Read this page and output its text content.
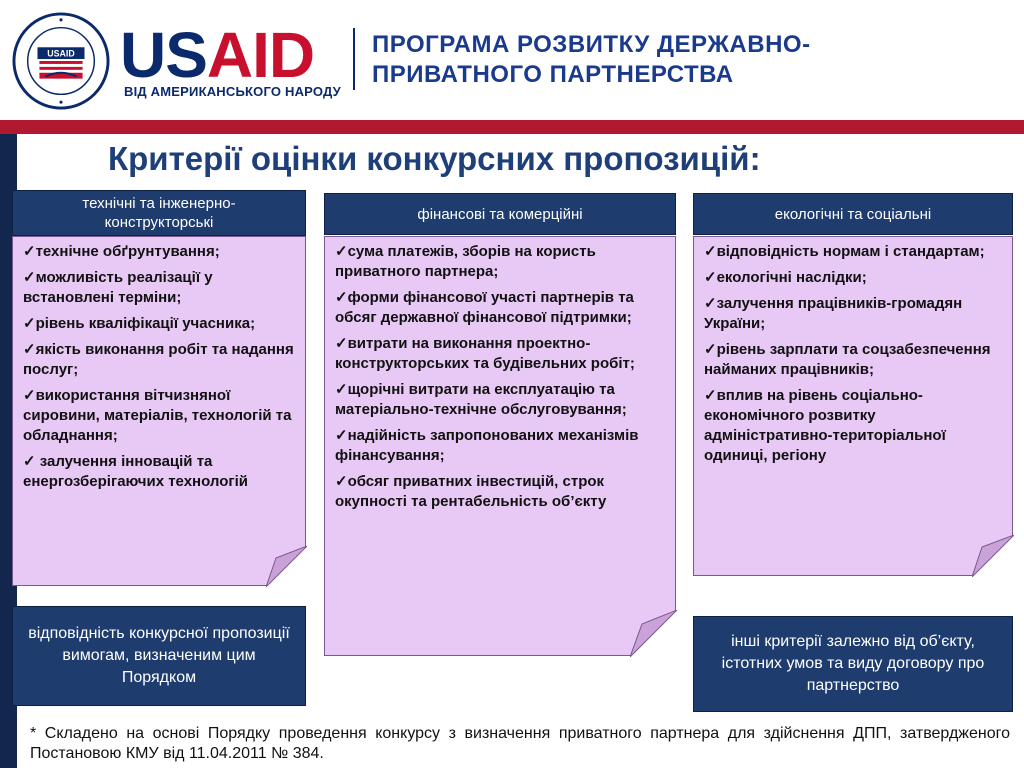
USAID USAID
ВІД АМЕРИКАНСЬКОГО НАРОДУ
ПРОГРАМА РОЗВИТКУ ДЕРЖАВНО-
ПРИВАТНОГО ПАРТНЕРСТВА
Критерії оцінки конкурсних пропозицій:
технічні та інженерно-конструкторські
✓технічне обґрунтування;
✓можливість реалізації у встановлені терміни;
✓рівень кваліфікації учасника;
✓якість виконання робіт та надання послуг;
✓використання вітчизняної сировини, матеріалів, технологій та обладнання;
✓ залучення інновацій та енергозберігаючих технологій
фінансові та комерційні
✓сума платежів, зборів на користь приватного партнера;
✓форми фінансової участі партнерів та обсяг державної фінансової підтримки;
✓витрати на виконання проектно-конструкторських та будівельних робіт;
✓щорічні витрати на експлуатацію та матеріально-технічне обслуговування;
✓надійність запропонованих механізмів фінансування;
✓обсяг приватних інвестицій, строк окупності та рентабельність об’єкту
екологічні та соціальні
✓відповідність нормам і стандартам;
✓екологічні наслідки;
✓залучення працівників-громадян України;
✓рівень зарплати та соцзабезпечення найманих працівників;
✓вплив на рівень соціально-економічного розвитку адміністративно-територіальної одиниці, регіону
відповідність конкурсної пропозиції вимогам, визначеним цим Порядком
інші критерії залежно від об’єкту, істотних умов та виду договору про партнерство
* Складено на основі Порядку проведення конкурсу з визначення приватного партнера для здійснення ДПП, затвердженого Постановою КМУ від 11.04.2011 № 384.
